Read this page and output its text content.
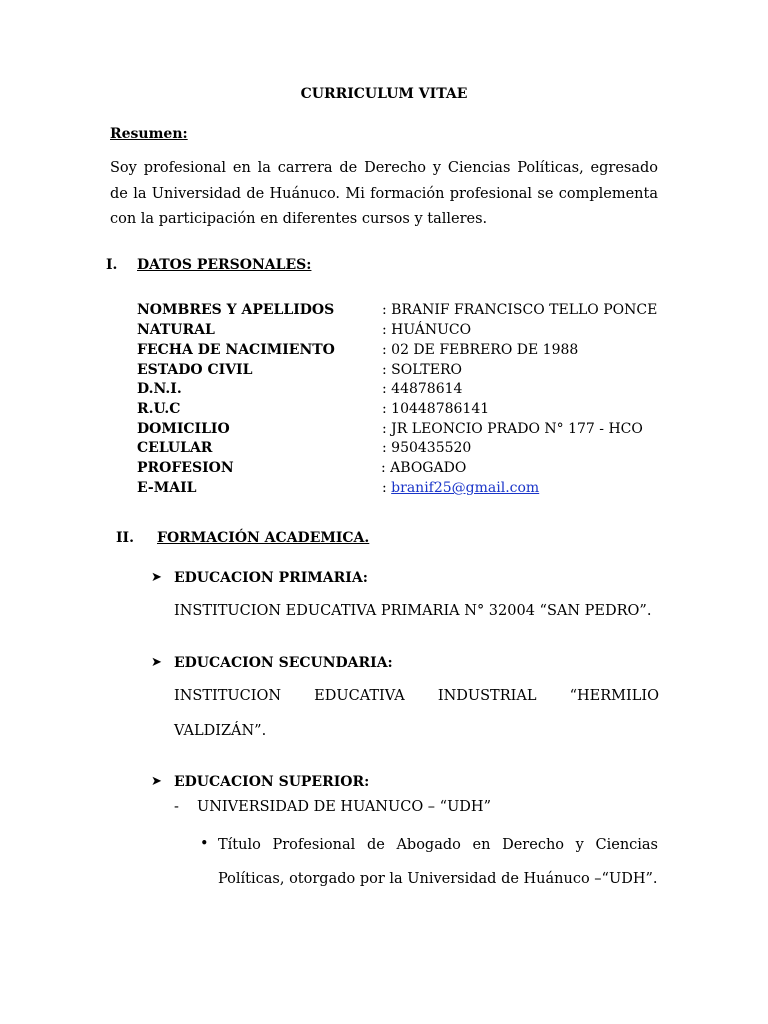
CURRICULUM VITAE
Resumen:
Soy profesional en la carrera de Derecho y Ciencias Políticas, egresado de la Universidad de Huánuco. Mi formación profesional se complementa con la participación en diferentes cursos y talleres.
I. DATOS PERSONALES:
NOMBRES Y APELLIDOS	: BRANIF FRANCISCO TELLO PONCE
NATURAL	: HUÁNUCO
FECHA DE NACIMIENTO	: 02 DE FEBRERO DE 1988
ESTADO CIVIL	: SOLTERO
D.N.I.	: 44878614
R.U.C	: 10448786141
DOMICILIO	: JR LEONCIO PRADO N° 177 - HCO
CELULAR	: 950435520
PROFESION	: ABOGADO
E-MAIL	: branif25@gmail.com
II. FORMACIÓN ACADEMICA.
➤ EDUCACION PRIMARIA:
INSTITUCION EDUCATIVA PRIMARIA N° 32004 “SAN PEDRO”.
➤ EDUCACION SECUNDARIA:
INSTITUCION EDUCATIVA INDUSTRIAL “HERMILIO
VALDIZÁN”.
➤ EDUCACION SUPERIOR:
- UNIVERSIDAD DE HUANUCO – “UDH”
• Título Profesional de Abogado en Derecho y Ciencias Políticas, otorgado por la Universidad de Huánuco –“UDH”.
